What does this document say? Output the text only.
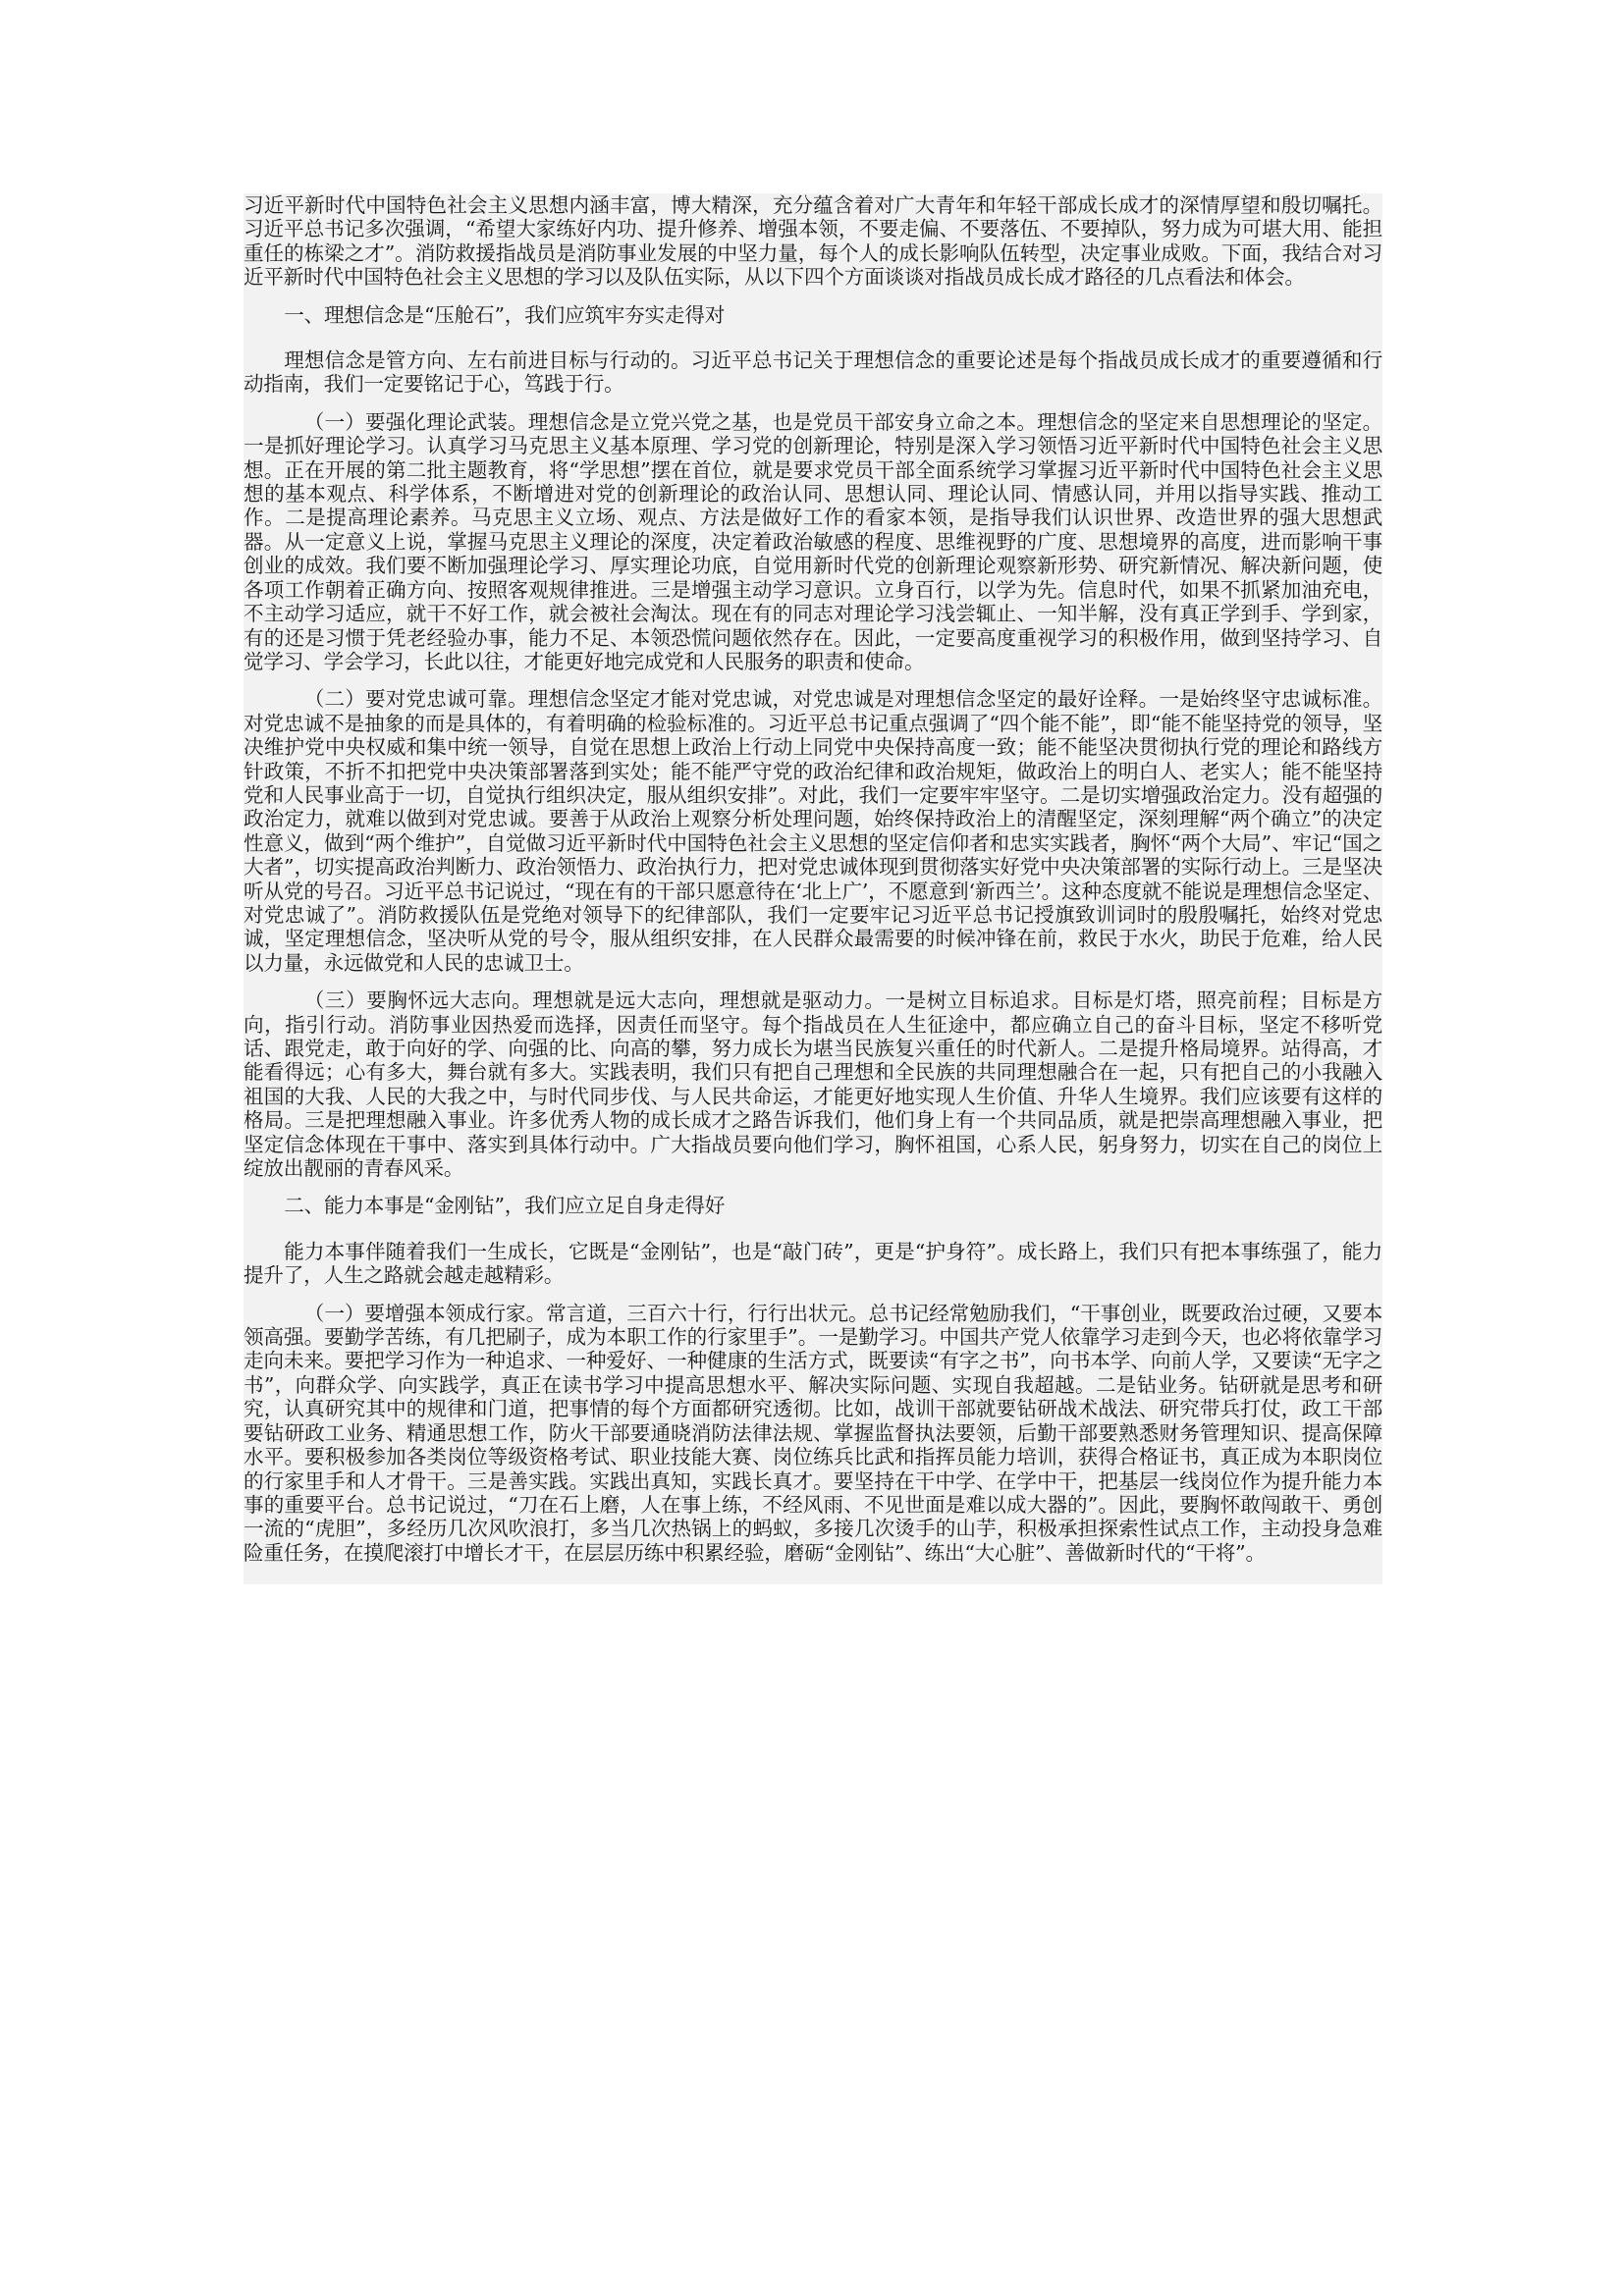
习近平新时代中国特色社会主义思想内涵丰富，博大精深，充分蕴含着对广大青年和年轻干部成长成才的深情厚望和殷切嘱托。习近平总书记多次强调，“希望大家练好内功、提升修养、增强本领，不要走偏、不要落伍、不要掉队，努力成为可堪大用、能担重任的栋梁之才”。消防救援指战员是消防事业发展的中坚力量，每个人的成长影响队伍转型，决定事业成败。下面，我结合对习近平新时代中国特色社会主义思想的学习以及队伍实际，从以下四个方面谈谈对指战员成长成才路径的几点看法和体会。

一、理想信念是“压舱石”，我们应筑牢夯实走得对

理想信念是管方向、左右前进目标与行动的。习近平总书记关于理想信念的重要论述是每个指战员成长成才的重要遵循和行动指南，我们一定要铭记于心，笃践于行。

（一）要强化理论武装。理想信念是立党兴党之基，也是党员干部安身立命之本。理想信念的坚定来自思想理论的坚定。一是抓好理论学习。认真学习马克思主义基本原理、学习党的创新理论，特别是深入学习领悟习近平新时代中国特色社会主义思想。正在开展的第二批主题教育，将“学思想”摆在首位，就是要求党员干部全面系统学习掌握习近平新时代中国特色社会主义思想的基本观点、科学体系，不断增进对党的创新理论的政治认同、思想认同、理论认同、情感认同，并用以指导实践、推动工作。二是提高理论素养。马克思主义立场、观点、方法是做好工作的看家本领，是指导我们认识世界、改造世界的强大思想武器。从一定意义上说，掌握马克思主义理论的深度，决定着政治敏感的程度、思维视野的广度、思想境界的高度，进而影响干事创业的成效。我们要不断加强理论学习、厚实理论功底，自觉用新时代党的创新理论观察新形势、研究新情况、解决新问题，使各项工作朝着正确方向、按照客观规律推进。三是增强主动学习意识。立身百行，以学为先。信息时代，如果不抓紧加油充电，不主动学习适应，就干不好工作，就会被社会淘汰。现在有的同志对理论学习浅尝辄止、一知半解，没有真正学到手、学到家，有的还是习惯于凭老经验办事，能力不足、本领恐慌问题依然存在。因此，一定要高度重视学习的积极作用，做到坚持学习、自觉学习、学会学习，长此以往，才能更好地完成党和人民服务的职责和使命。

（二）要对党忠诚可靠。理想信念坚定才能对党忠诚，对党忠诚是对理想信念坚定的最好诠释。一是始终坚守忠诚标准。对党忠诚不是抽象的而是具体的，有着明确的检验标准的。习近平总书记重点强调了“四个能不能”，即“能不能坚持党的领导，坚决维护党中央权威和集中统一领导，自觉在思想上政治上行动上同党中央保持高度一致；能不能坚决贯彻执行党的理论和路线方针政策，不折不扣把党中央决策部署落到实处；能不能严守党的政治纪律和政治规矩，做政治上的明白人、老实人；能不能坚持党和人民事业高于一切，自觉执行组织决定，服从组织安排”。对此，我们一定要牢牢坚守。二是切实增强政治定力。没有超强的政治定力，就难以做到对党忠诚。要善于从政治上观察分析处理问题，始终保持政治上的清醒坚定，深刻理解“两个确立”的决定性意义，做到“两个维护”，自觉做习近平新时代中国特色社会主义思想的坚定信仰者和忠实实践者，胸怀“两个大局”、牢记“国之大者”，切实提高政治判断力、政治领悟力、政治执行力，把对党忠诚体现到贯彻落实好党中央决策部署的实际行动上。三是坚决听从党的号召。习近平总书记说过，“现在有的干部只愿意待在‘北上广’，不愿意到‘新西兰’。这种态度就不能说是理想信念坚定、对党忠诚了”。消防救援队伍是党绝对领导下的纪律部队，我们一定要牢记习近平总书记授旗致训词时的殷殷嘱托，始终对党忠诚，坚定理想信念，坚决听从党的号令，服从组织安排，在人民群众最需要的时候冲锋在前，救民于水火，助民于危难，给人民以力量，永远做党和人民的忠诚卫士。

（三）要胸怀远大志向。理想就是远大志向，理想就是驱动力。一是树立目标追求。目标是灯塔，照亮前程；目标是方向，指引行动。消防事业因热爱而选择，因责任而坚守。每个指战员在人生征途中，都应确立自己的奋斗目标，坚定不移听党话、跟党走，敢于向好的学、向强的比、向高的攀，努力成长为堪当民族复兴重任的时代新人。二是提升格局境界。站得高，才能看得远；心有多大，舞台就有多大。实践表明，我们只有把自己理想和全民族的共同理想融合在一起，只有把自己的小我融入祖国的大我、人民的大我之中，与时代同步伐、与人民共命运，才能更好地实现人生价值、升华人生境界。我们应该要有这样的格局。三是把理想融入事业。许多优秀人物的成长成才之路告诉我们，他们身上有一个共同品质，就是把崇高理想融入事业，把坚定信念体现在干事中、落实到具体行动中。广大指战员要向他们学习，胸怀祖国，心系人民，躬身努力，切实在自己的岗位上绽放出靓丽的青春风采。

二、能力本事是“金刚钻”，我们应立足自身走得好

能力本事伴随着我们一生成长，它既是“金刚钻”，也是“敲门砖”，更是“护身符”。成长路上，我们只有把本事练强了，能力提升了，人生之路就会越走越精彩。

（一）要增强本领成行家。常言道，三百六十行，行行出状元。总书记经常勉励我们，“干事创业，既要政治过硬，又要本领高强。要勤学苦练，有几把刷子，成为本职工作的行家里手”。一是勤学习。中国共产党人依靠学习走到今天，也必将依靠学习走向未来。要把学习作为一种追求、一种爱好、一种健康的生活方式，既要读“有字之书”，向书本学、向前人学，又要读“无字之书”，向群众学、向实践学，真正在读书学习中提高思想水平、解决实际问题、实现自我超越。二是钻业务。钻研就是思考和研究，认真研究其中的规律和门道，把事情的每个方面都研究透彻。比如，战训干部就要钻研战术战法、研究带兵打仗，政工干部要钻研政工业务、精通思想工作，防火干部要通晓消防法律法规、掌握监督执法要领，后勤干部要熟悉财务管理知识、提高保障水平。要积极参加各类岗位等级资格考试、职业技能大赛、岗位练兵比武和指挥员能力培训，获得合格证书，真正成为本职岗位的行家里手和人才骨干。三是善实践。实践出真知，实践长真才。要坚持在干中学、在学中干，把基层一线岗位作为提升能力本事的重要平台。总书记说过，“刀在石上磨，人在事上练，不经风雨、不见世面是难以成大器的”。因此，要胸怀敢闯敢干、勇创一流的“虎胆”，多经历几次风吹浪打，多当几次热锅上的蚂蚁，多接几次烫手的山芋，积极承担探索性试点工作，主动投身急难险重任务，在摸爬滚打中增长才干，在层层历练中积累经验，磨砺“金刚钻”、练出“大心脏”、善做新时代的“干将”。
